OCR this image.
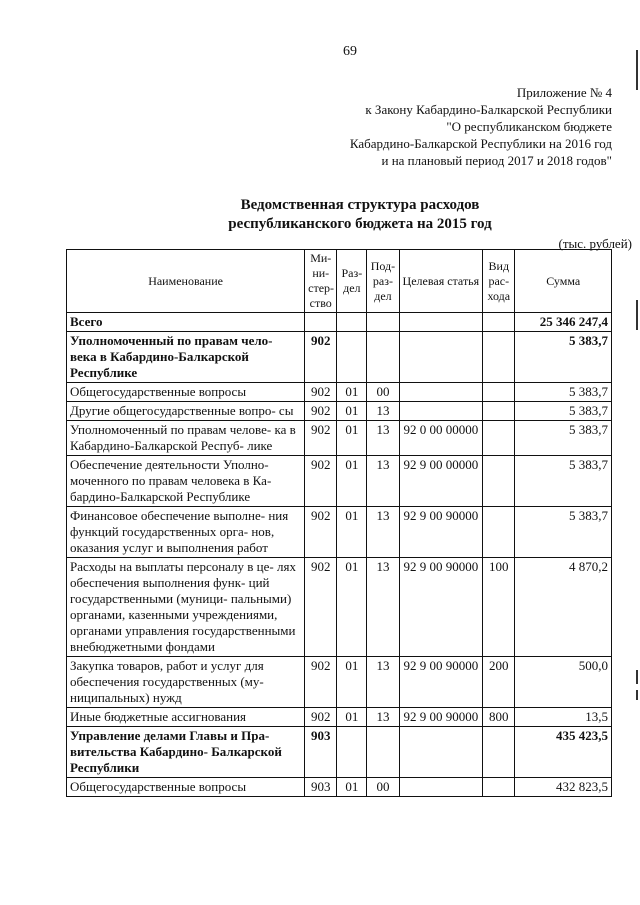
69
Приложение № 4
к Закону Кабардино-Балкарской Республики
"О республиканском бюджете
Кабардино-Балкарской Республики на 2016 год
и на плановый период 2017 и 2018 годов"
Ведомственная структура расходов
республиканского бюджета на 2015 год
(тыс. рублей)
Наименование	Ми- ни- стер- ство	Раз- дел	Под- раз- дел	Целевая статья	Вид рас- хода	Сумма
Всего						25 346 247,4
Уполномоченный по правам чело- века в Кабардино-Балкарской Республике	902					5 383,7
Общегосударственные вопросы	902	01	00			5 383,7
Другие общегосударственные вопро- сы	902	01	13			5 383,7
Уполномоченный по правам челове- ка в Кабардино-Балкарской Респуб- лике	902	01	13	92 0 00 00000		5 383,7
Обеспечение деятельности Уполно- моченного по правам человека в Ка- бардино-Балкарской Республике	902	01	13	92 9 00 00000		5 383,7
Финансовое обеспечение выполне- ния функций государственных орга- нов, оказания услуг и выполнения работ	902	01	13	92 9 00 90000		5 383,7
Расходы на выплаты персоналу в це- лях обеспечения выполнения функ- ций государственными (муници- пальными) органами, казенными учреждениями, органами управления государственными внебюджетными фондами	902	01	13	92 9 00 90000	100	4 870,2
Закупка товаров, работ и услуг для обеспечения государственных (му- ниципальных) нужд	902	01	13	92 9 00 90000	200	500,0
Иные бюджетные ассигнования	902	01	13	92 9 00 90000	800	13,5
Управление делами Главы и Пра- вительства Кабардино- Балкарской Республики	903					435 423,5
Общегосударственные вопросы	903	01	00			432 823,5
